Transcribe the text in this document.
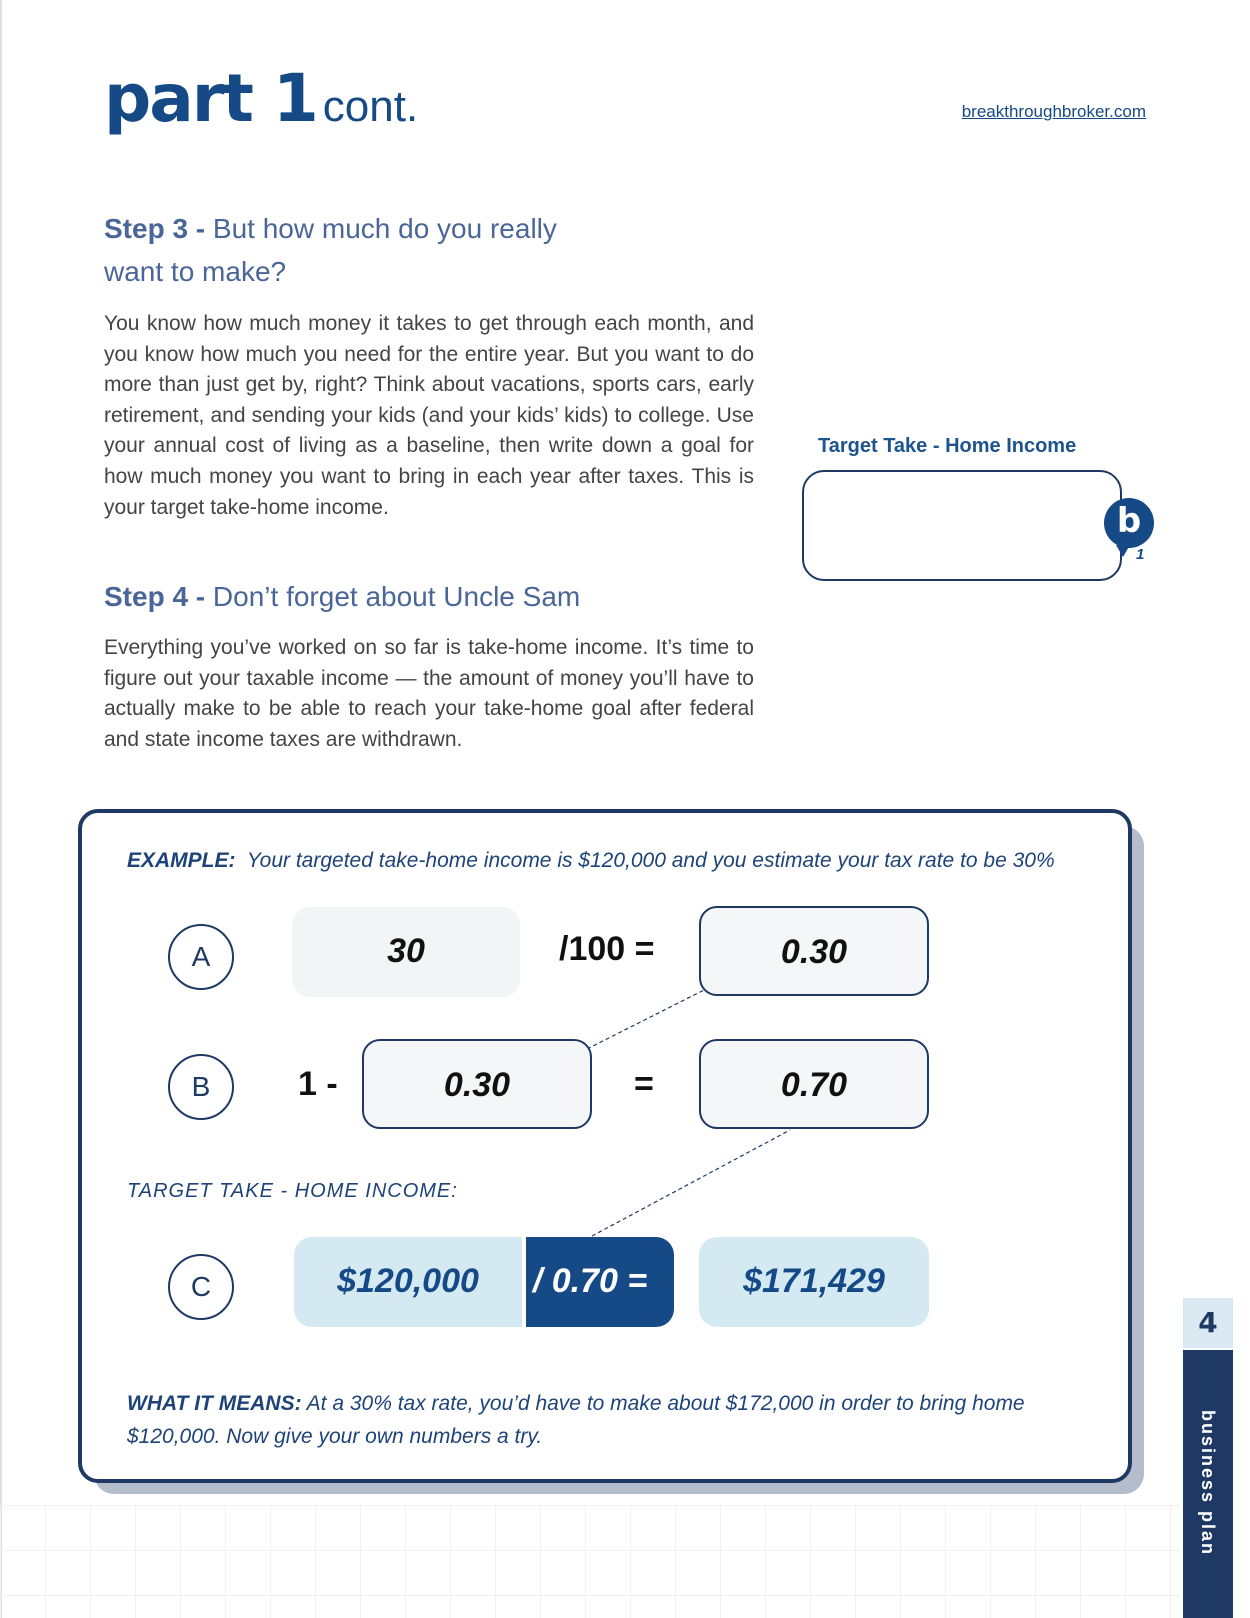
part 1 cont.	breakthroughbroker.com
Step 3 - But how much do you really
want to make?

You know how much money it takes to get through each month, and you know how much you need for the entire year. But you want to do more than just get by, right? Think about vacations, sports cars, early retirement, and sending your kids (and your kids’ kids) to college. Use your annual cost of living as a baseline, then write down a goal for how much money you want to bring in each year after taxes. This is your target take-home income.

Target Take - Home Income
b
1
Step 4 - Don’t forget about Uncle Sam

Everything you’ve worked on so far is take-home income. It’s time to figure out your taxable income — the amount of money you’ll have to actually make to be able to reach your take-home goal after federal and state income taxes are withdrawn.

EXAMPLE: Your targeted take-home income is $120,000 and you estimate your tax rate to be 30%
A	30	/100 =	0.30
B	1 -	0.30	=	0.70
TARGET TAKE - HOME INCOME:
C	$120,000	/ 0.70 =	$171,429
WHAT IT MEANS: At a 30% tax rate, you’d have to make about $172,000 in order to bring home $120,000. Now give your own numbers a try.
4
business plan
